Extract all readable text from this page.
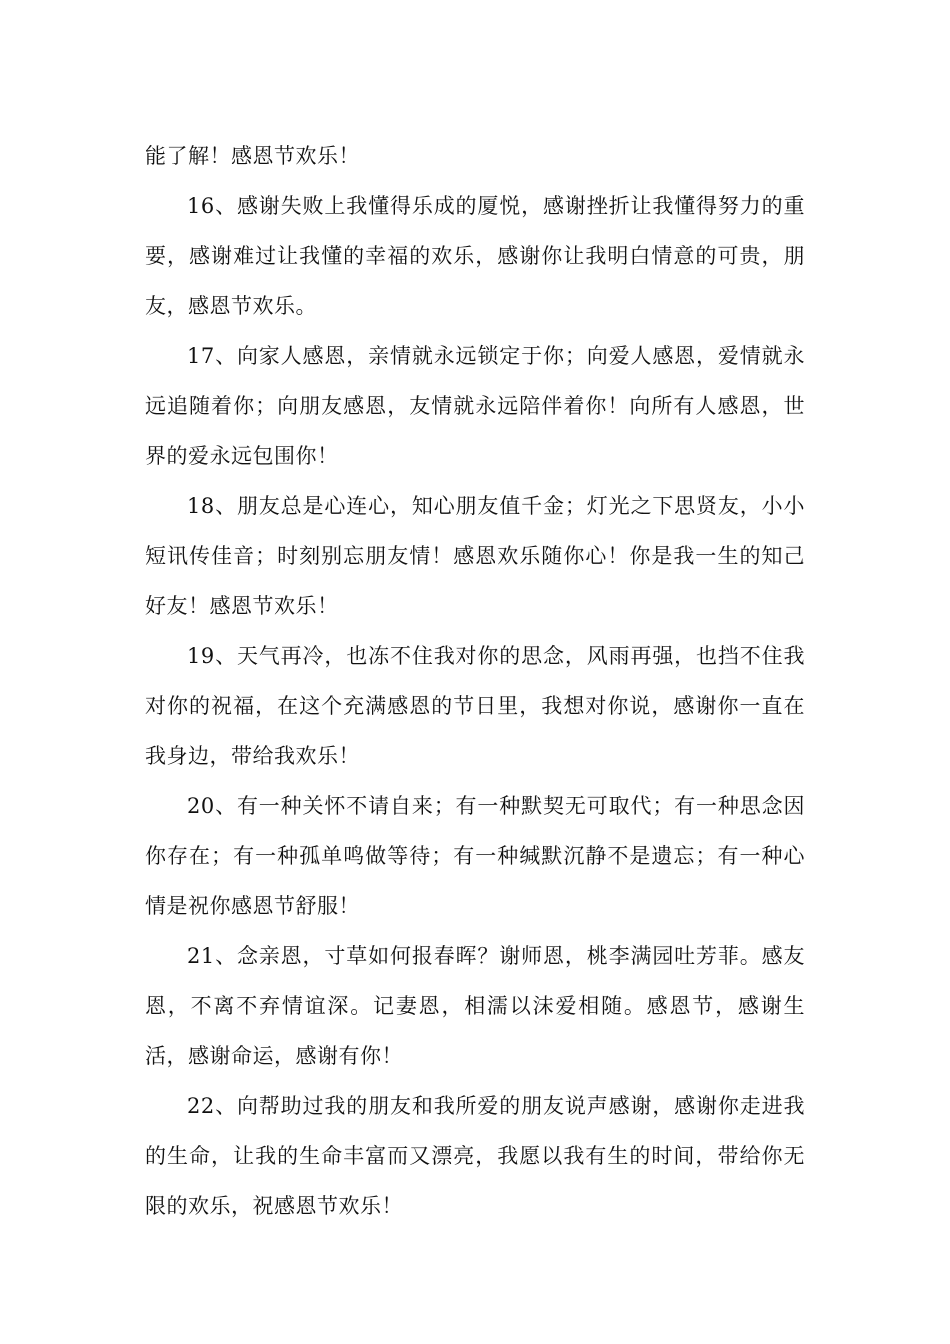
能了解！感恩节欢乐！

16、感谢失败上我懂得乐成的厦悦，感谢挫折让我懂得努力的重要，感谢难过让我懂的幸福的欢乐，感谢你让我明白情意的可贵，朋友，感恩节欢乐。

17、向家人感恩，亲情就永远锁定于你；向爱人感恩，爱情就永远追随着你；向朋友感恩，友情就永远陪伴着你！向所有人感恩，世界的爱永远包围你！

18、朋友总是心连心，知心朋友值千金；灯光之下思贤友，小小短讯传佳音；时刻别忘朋友情！感恩欢乐随你心！你是我一生的知己好友！感恩节欢乐！

19、天气再冷，也冻不住我对你的思念，风雨再强，也挡不住我对你的祝福，在这个充满感恩的节日里，我想对你说，感谢你一直在我身边，带给我欢乐！

20、有一种关怀不请自来；有一种默契无可取代；有一种思念因你存在；有一种孤单鸣做等待；有一种缄默沉静不是遗忘；有一种心情是祝你感恩节舒服！

21、念亲恩，寸草如何报春晖？谢师恩，桃李满园吐芳菲。感友恩，不离不弃情谊深。记妻恩，相濡以沫爱相随。感恩节，感谢生活，感谢命运，感谢有你！

22、向帮助过我的朋友和我所爱的朋友说声感谢，感谢你走进我的生命，让我的生命丰富而又漂亮，我愿以我有生的时间，带给你无限的欢乐，祝感恩节欢乐！
